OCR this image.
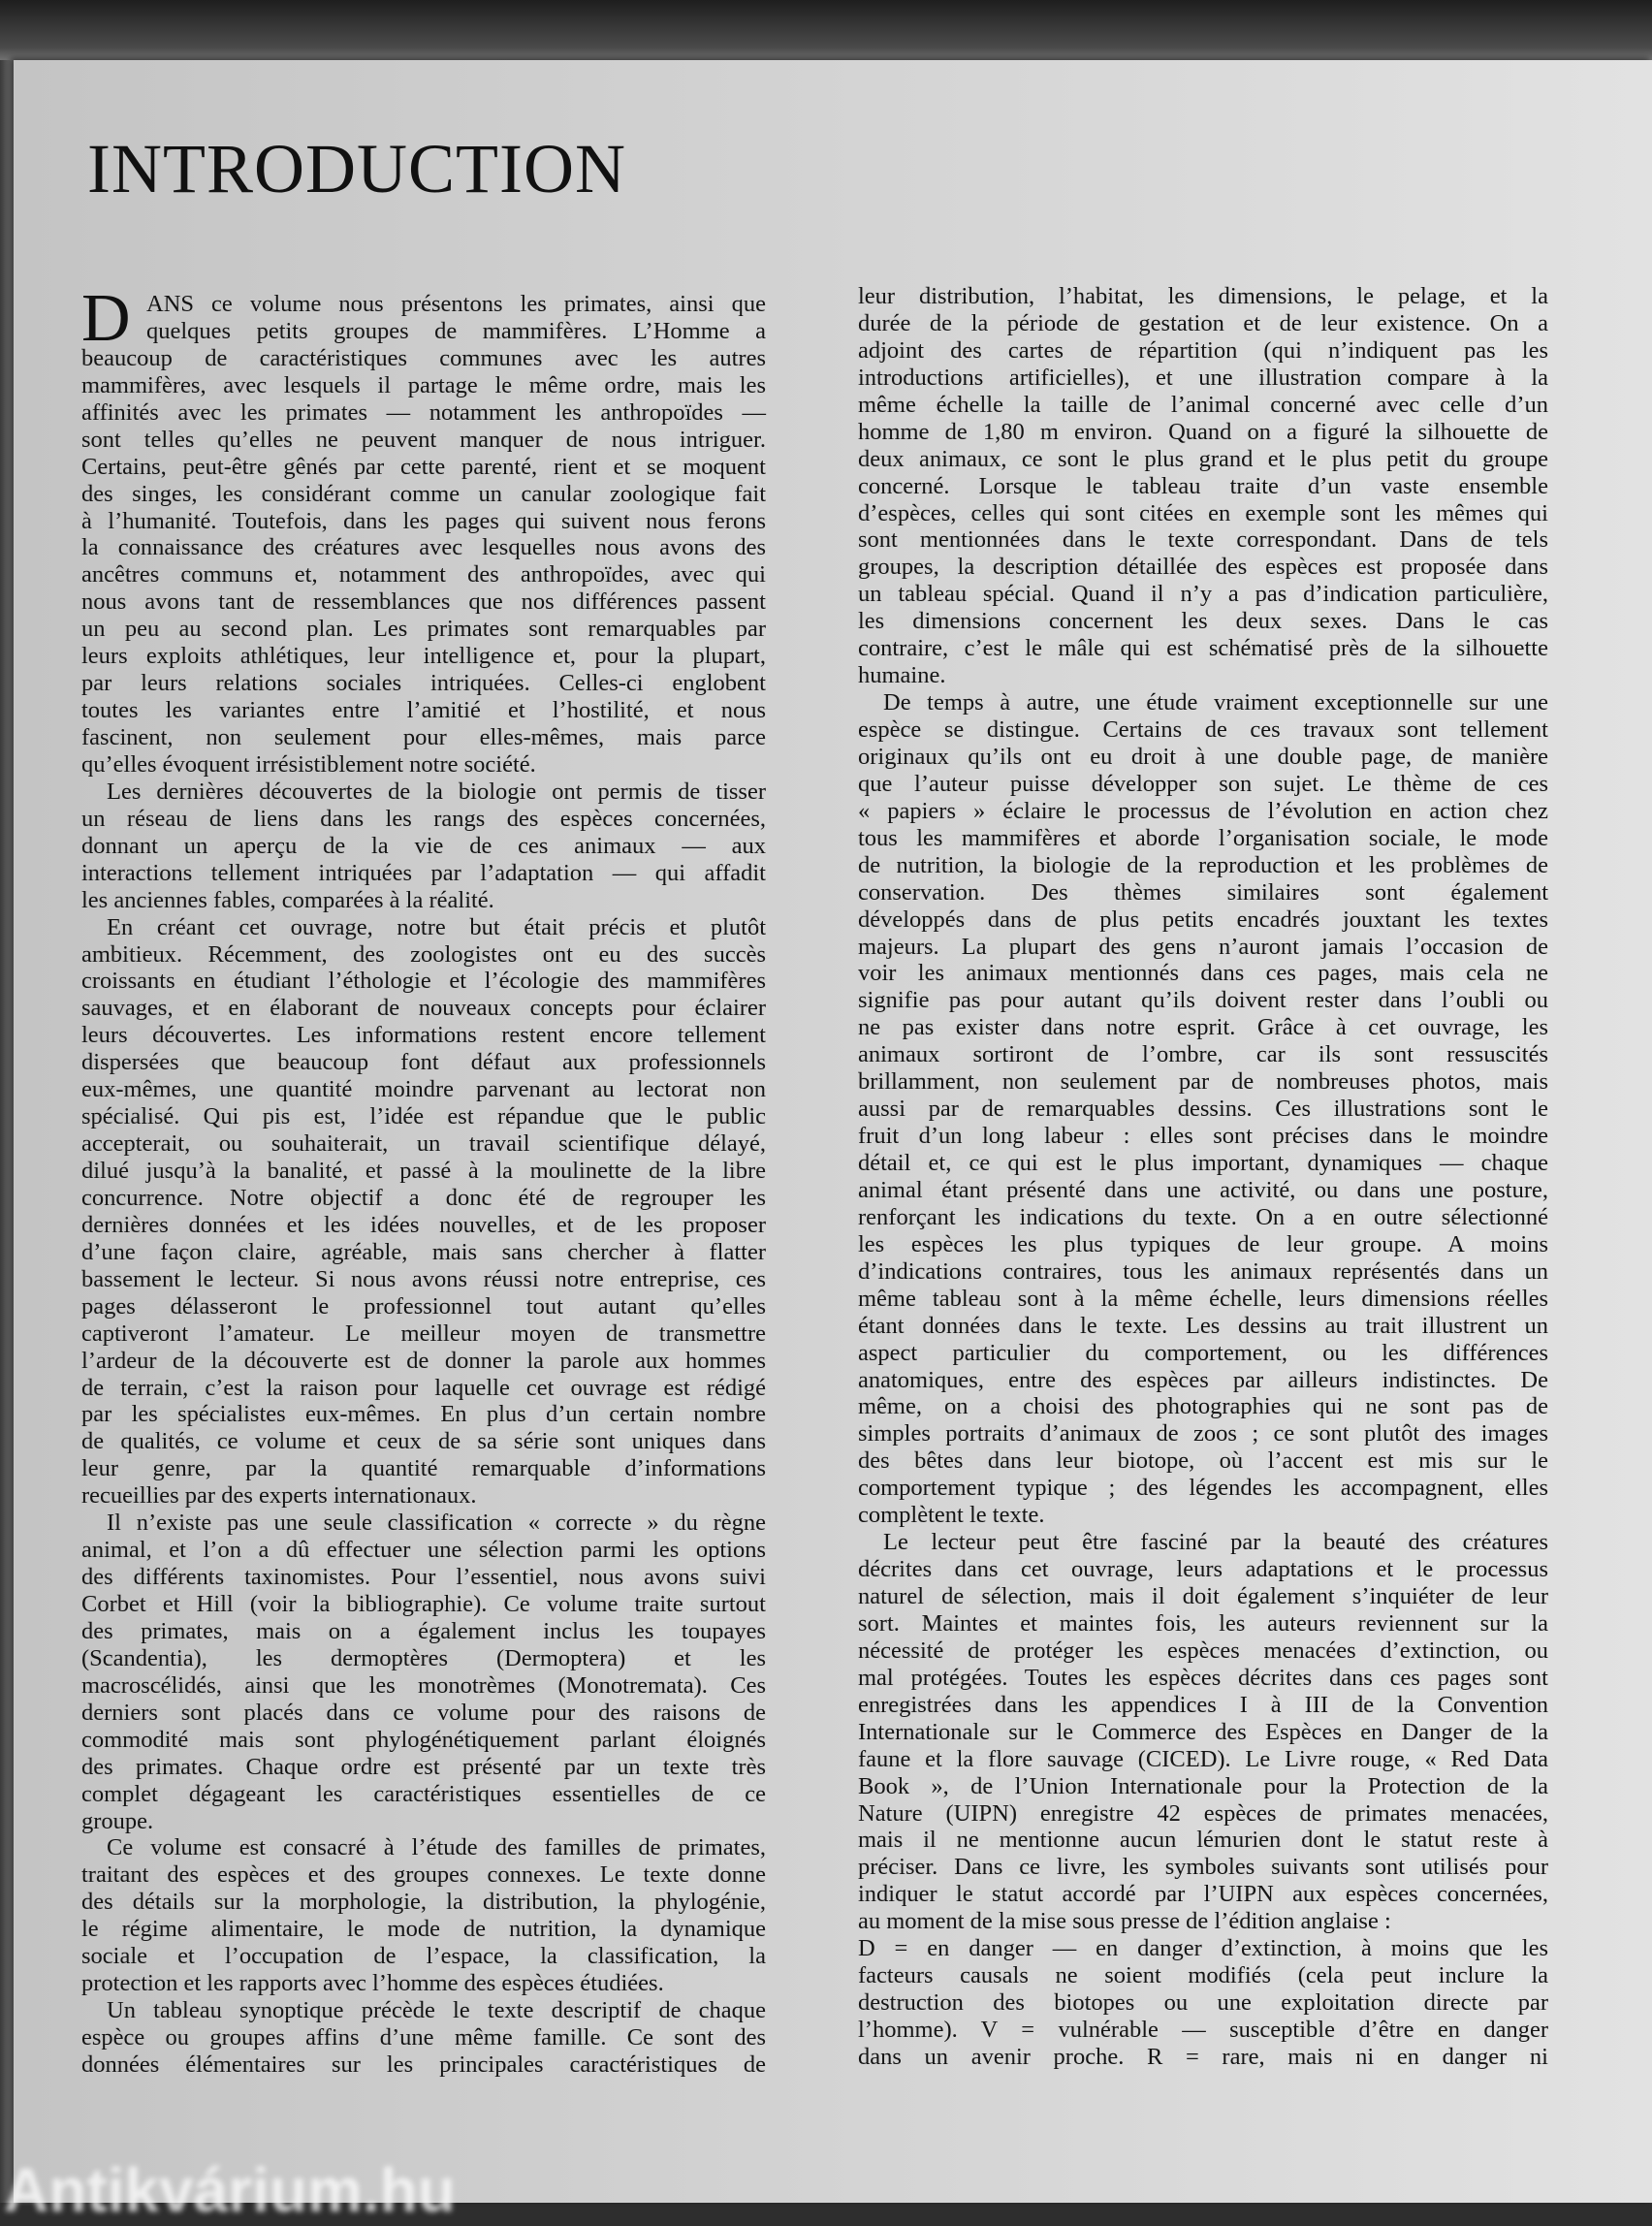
INTRODUCTION
D ANS ce volume nous présentons les primates, ainsi que
quelques petits groupes de mammifères. L’Homme a
beaucoup de caractéristiques communes avec les autres
mammifères, avec lesquels il partage le même ordre, mais les
affinités avec les primates — notamment les anthropoïdes —
sont telles qu’elles ne peuvent manquer de nous intriguer.
Certains, peut-être gênés par cette parenté, rient et se moquent
des singes, les considérant comme un canular zoologique fait
à l’humanité. Toutefois, dans les pages qui suivent nous ferons
la connaissance des créatures avec lesquelles nous avons des
ancêtres communs et, notamment des anthropoïdes, avec qui
nous avons tant de ressemblances que nos différences passent
un peu au second plan. Les primates sont remarquables par
leurs exploits athlétiques, leur intelligence et, pour la plupart,
par leurs relations sociales intriquées. Celles-ci englobent
toutes les variantes entre l’amitié et l’hostilité, et nous
fascinent, non seulement pour elles-mêmes, mais parce
qu’elles évoquent irrésistiblement notre société.
Les dernières découvertes de la biologie ont permis de tisser
un réseau de liens dans les rangs des espèces concernées,
donnant un aperçu de la vie de ces animaux — aux
interactions tellement intriquées par l’adaptation — qui affadit
les anciennes fables, comparées à la réalité.
En créant cet ouvrage, notre but était précis et plutôt
ambitieux. Récemment, des zoologistes ont eu des succès
croissants en étudiant l’éthologie et l’écologie des mammifères
sauvages, et en élaborant de nouveaux concepts pour éclairer
leurs découvertes. Les informations restent encore tellement
dispersées que beaucoup font défaut aux professionnels
eux-mêmes, une quantité moindre parvenant au lectorat non
spécialisé. Qui pis est, l’idée est répandue que le public
accepterait, ou souhaiterait, un travail scientifique délayé,
dilué jusqu’à la banalité, et passé à la moulinette de la libre
concurrence. Notre objectif a donc été de regrouper les
dernières données et les idées nouvelles, et de les proposer
d’une façon claire, agréable, mais sans chercher à flatter
bassement le lecteur. Si nous avons réussi notre entreprise, ces
pages délasseront le professionnel tout autant qu’elles
captiveront l’amateur. Le meilleur moyen de transmettre
l’ardeur de la découverte est de donner la parole aux hommes
de terrain, c’est la raison pour laquelle cet ouvrage est rédigé
par les spécialistes eux-mêmes. En plus d’un certain nombre
de qualités, ce volume et ceux de sa série sont uniques dans
leur genre, par la quantité remarquable d’informations
recueillies par des experts internationaux.
Il n’existe pas une seule classification « correcte » du règne
animal, et l’on a dû effectuer une sélection parmi les options
des différents taxinomistes. Pour l’essentiel, nous avons suivi
Corbet et Hill (voir la bibliographie). Ce volume traite surtout
des primates, mais on a également inclus les toupayes
(Scandentia), les dermoptères (Dermoptera) et les
macroscélidés, ainsi que les monotrèmes (Monotremata). Ces
derniers sont placés dans ce volume pour des raisons de
commodité mais sont phylogénétiquement parlant éloignés
des primates. Chaque ordre est présenté par un texte très
complet dégageant les caractéristiques essentielles de ce
groupe.
Ce volume est consacré à l’étude des familles de primates,
traitant des espèces et des groupes connexes. Le texte donne
des détails sur la morphologie, la distribution, la phylogénie,
le régime alimentaire, le mode de nutrition, la dynamique
sociale et l’occupation de l’espace, la classification, la
protection et les rapports avec l’homme des espèces étudiées.
Un tableau synoptique précède le texte descriptif de chaque
espèce ou groupes affins d’une même famille. Ce sont des
données élémentaires sur les principales caractéristiques de
leur distribution, l’habitat, les dimensions, le pelage, et la
durée de la période de gestation et de leur existence. On a
adjoint des cartes de répartition (qui n’indiquent pas les
introductions artificielles), et une illustration compare à la
même échelle la taille de l’animal concerné avec celle d’un
homme de 1,80 m environ. Quand on a figuré la silhouette de
deux animaux, ce sont le plus grand et le plus petit du groupe
concerné. Lorsque le tableau traite d’un vaste ensemble
d’espèces, celles qui sont citées en exemple sont les mêmes qui
sont mentionnées dans le texte correspondant. Dans de tels
groupes, la description détaillée des espèces est proposée dans
un tableau spécial. Quand il n’y a pas d’indication particulière,
les dimensions concernent les deux sexes. Dans le cas
contraire, c’est le mâle qui est schématisé près de la silhouette
humaine.
De temps à autre, une étude vraiment exceptionnelle sur une
espèce se distingue. Certains de ces travaux sont tellement
originaux qu’ils ont eu droit à une double page, de manière
que l’auteur puisse développer son sujet. Le thème de ces
« papiers » éclaire le processus de l’évolution en action chez
tous les mammifères et aborde l’organisation sociale, le mode
de nutrition, la biologie de la reproduction et les problèmes de
conservation. Des thèmes similaires sont également
développés dans de plus petits encadrés jouxtant les textes
majeurs. La plupart des gens n’auront jamais l’occasion de
voir les animaux mentionnés dans ces pages, mais cela ne
signifie pas pour autant qu’ils doivent rester dans l’oubli ou
ne pas exister dans notre esprit. Grâce à cet ouvrage, les
animaux sortiront de l’ombre, car ils sont ressuscités
brillamment, non seulement par de nombreuses photos, mais
aussi par de remarquables dessins. Ces illustrations sont le
fruit d’un long labeur : elles sont précises dans le moindre
détail et, ce qui est le plus important, dynamiques — chaque
animal étant présenté dans une activité, ou dans une posture,
renforçant les indications du texte. On a en outre sélectionné
les espèces les plus typiques de leur groupe. A moins
d’indications contraires, tous les animaux représentés dans un
même tableau sont à la même échelle, leurs dimensions réelles
étant données dans le texte. Les dessins au trait illustrent un
aspect particulier du comportement, ou les différences
anatomiques, entre des espèces par ailleurs indistinctes. De
même, on a choisi des photographies qui ne sont pas de
simples portraits d’animaux de zoos ; ce sont plutôt des images
des bêtes dans leur biotope, où l’accent est mis sur le
comportement typique ; des légendes les accompagnent, elles
complètent le texte.
Le lecteur peut être fasciné par la beauté des créatures
décrites dans cet ouvrage, leurs adaptations et le processus
naturel de sélection, mais il doit également s’inquiéter de leur
sort. Maintes et maintes fois, les auteurs reviennent sur la
nécessité de protéger les espèces menacées d’extinction, ou
mal protégées. Toutes les espèces décrites dans ces pages sont
enregistrées dans les appendices I à III de la Convention
Internationale sur le Commerce des Espèces en Danger de la
faune et la flore sauvage (CICED). Le Livre rouge, « Red Data
Book », de l’Union Internationale pour la Protection de la
Nature (UIPN) enregistre 42 espèces de primates menacées,
mais il ne mentionne aucun lémurien dont le statut reste à
préciser. Dans ce livre, les symboles suivants sont utilisés pour
indiquer le statut accordé par l’UIPN aux espèces concernées,
au moment de la mise sous presse de l’édition anglaise :
D = en danger — en danger d’extinction, à moins que les
facteurs causals ne soient modifiés (cela peut inclure la
destruction des biotopes ou une exploitation directe par
l’homme). V = vulnérable — susceptible d’être en danger
dans un avenir proche. R = rare, mais ni en danger ni
Antikvárium.hu
